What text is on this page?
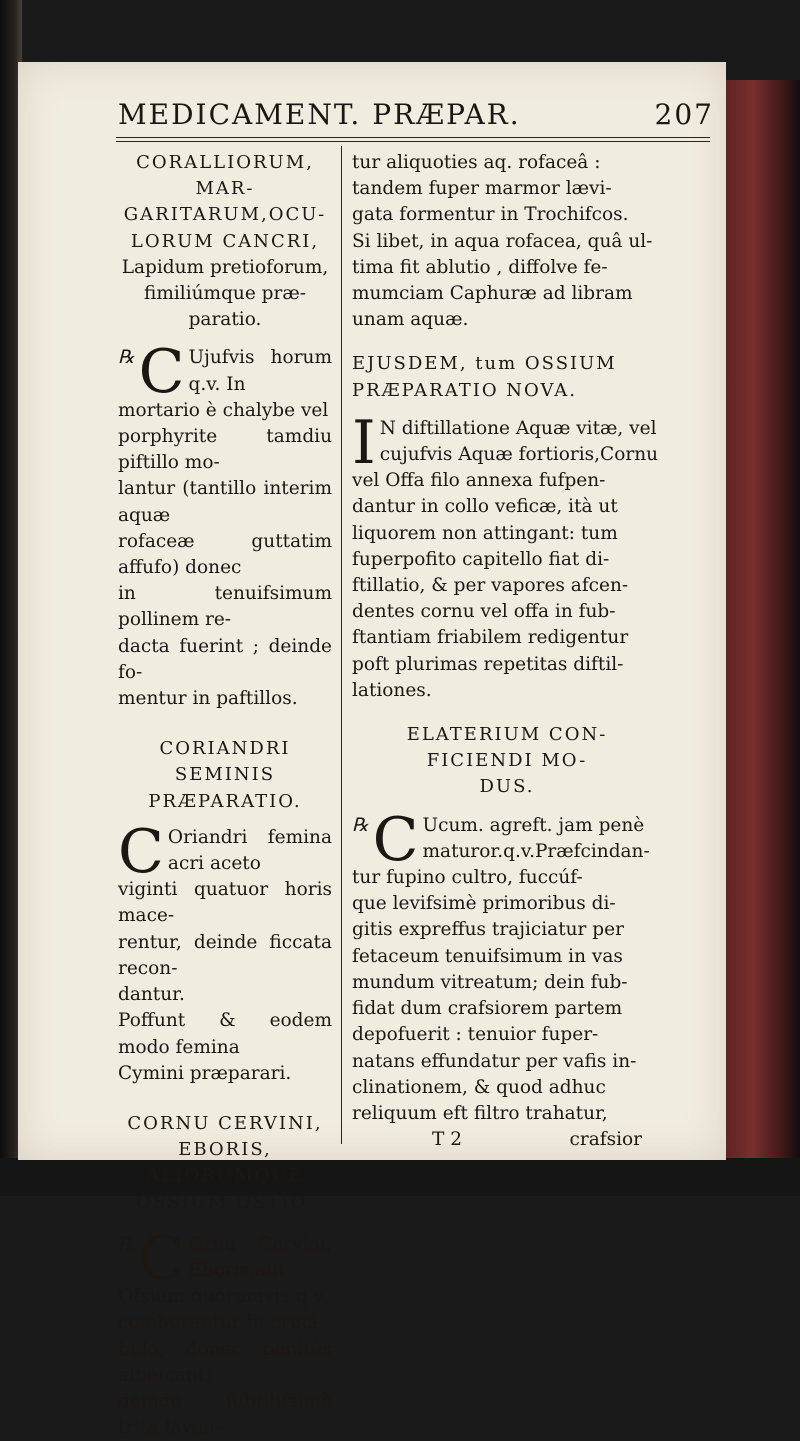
MEDICAMENT. PRÆPAR.	207
CORALLIORUM, MAR-
GARITARUM,OCU-
LORUM CANCRI,
Lapidum pretioforum,
fimiliúmque præ-
paratio.
℞ C Ujufvis horum q.v. In
mortario è chalybe vel
porphyrite tamdiu piftillo mo-
lantur (tantillo interim aquæ
rofaceæ guttatim affufo) donec
in tenuifsimum pollinem re-
dacta fuerint ; deinde fo-
mentur in paftillos.
CORIANDRI SEMINIS
PRÆPARATIO.
C Oriandri femina acri aceto
viginti quatuor horis mace-
rentur, deinde ficcata recon-
dantur.
Poffunt & eodem modo femina
Cymini præparari.
CORNU CERVINI,
EBORIS,
ALIORUMQUE
OSSIUM USTIO.
℞ C Ornu Cervini, Eboris,aut
Ofsium quorumvis q.v.
comburantur in cruci-
bulo, donec penitùs albefcant;
deinde fubtilifsimè trita laven-
tur aliquoties aq. rofaceâ :
tandem fuper marmor lævi-
gata formentur in Trochifcos.
Si libet, in aqua rofacea, quâ ul-
tima fit ablutio , diffolve fe-
mumciam Caphuræ ad libram
unam aquæ.
EJUSDEM, tum OSSIUM
PRÆPARATIO NOVA.
I N diftillatione Aquæ vitæ, vel
cujufvis Aquæ fortioris,Cornu
vel Offa filo annexa fufpen-
dantur in collo veficæ, ità ut
liquorem non attingant: tum
fuperpofito capitello fiat di-
ftillatio, & per vapores afcen-
dentes cornu vel offa in fub-
ftantiam friabilem redigentur
poft plurimas repetitas diftil-
lationes.
ELATERIUM CON-
FICIENDI MO-
DUS.
℞ C Ucum. agreft. jam penè
maturor.q.v.Præfcindan-
tur fupino cultro, fuccúf-
que levifsimè primoribus di-
gitis expreffus trajiciatur per
fetaceum tenuifsimum in vas
mundum vitreatum; dein fub-
fidat dum crafsiorem partem
depofuerit : tenuior fuper-
natans effundatur per vafis in-
clinationem, & quod adhuc
reliquum eft filtro trahatur,
T 2	crafsior
